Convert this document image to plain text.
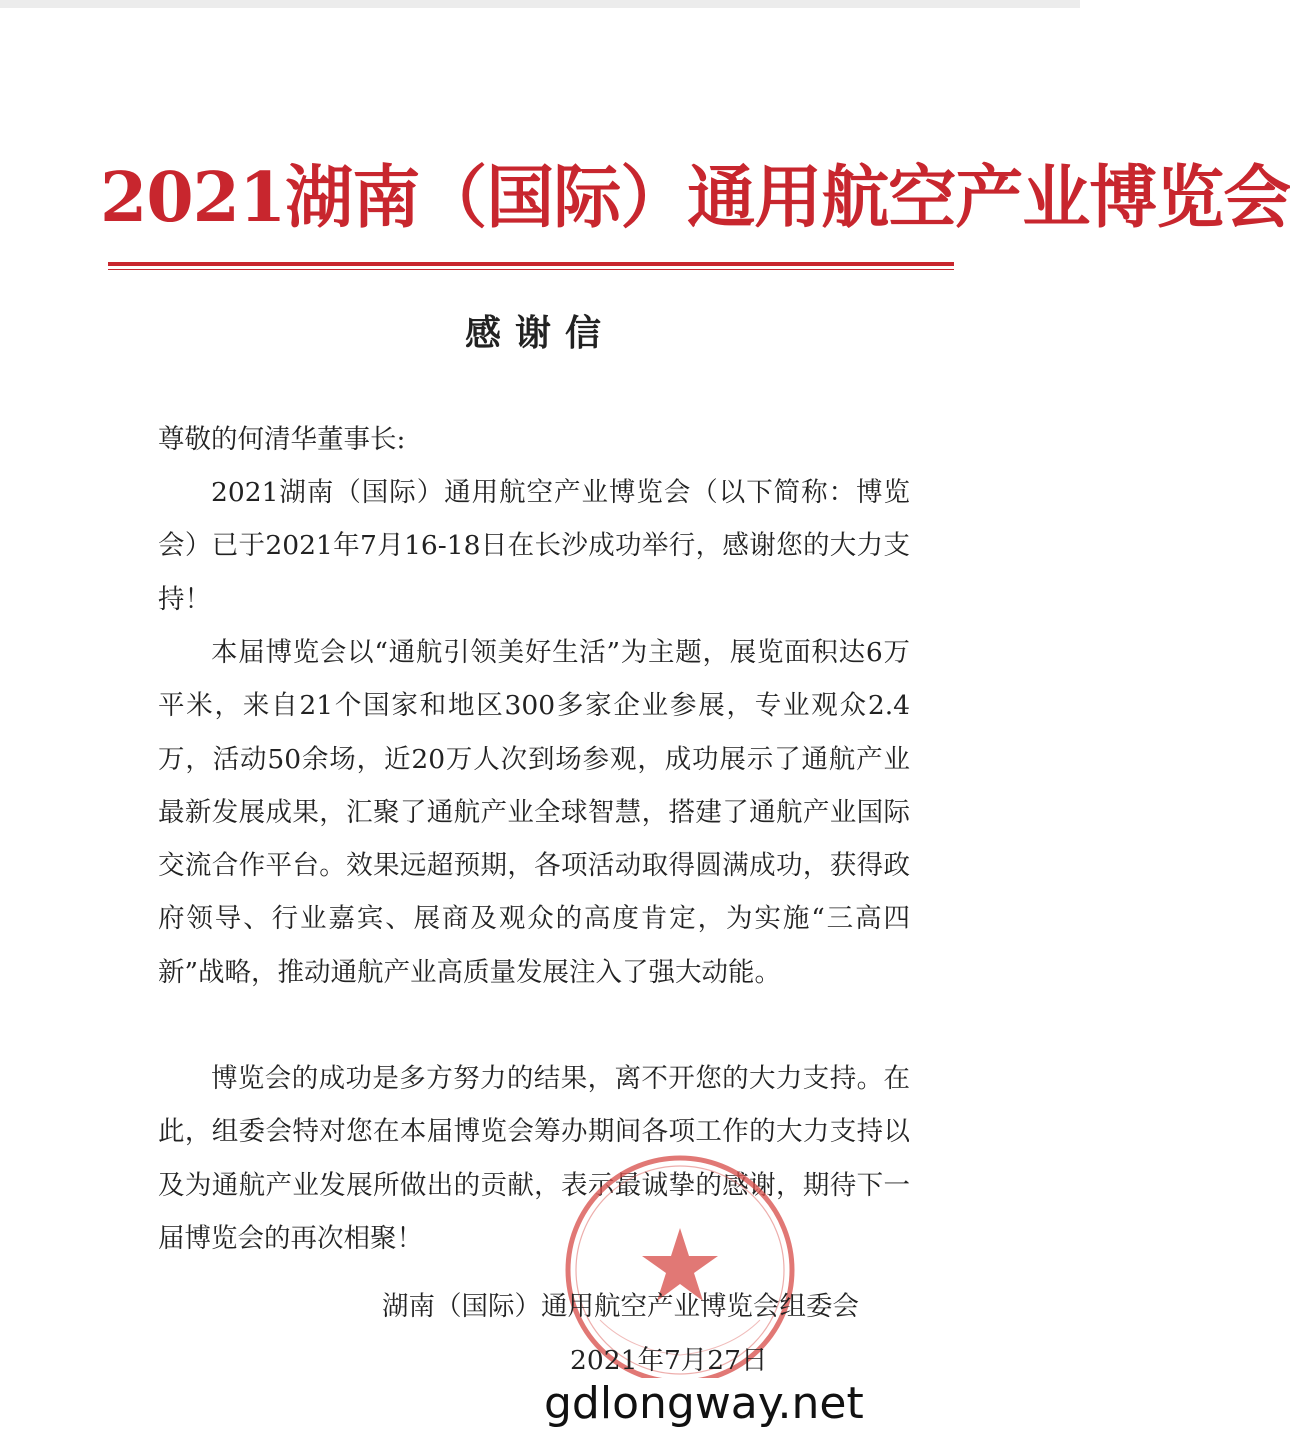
2021湖南（国际）通用航空产业博览会
感谢信
尊敬的何清华董事长:
2021湖南（国际）通用航空产业博览会（以下简称：博览会）已于2021年7月16-18日在长沙成功举行，感谢您的大力支持！
本届博览会以“通航引领美好生活”为主题，展览面积达6万平米，来自21个国家和地区300多家企业参展，专业观众2.4万，活动50余场，近20万人次到场参观，成功展示了通航产业最新发展成果，汇聚了通航产业全球智慧，搭建了通航产业国际交流合作平台。效果远超预期，各项活动取得圆满成功，获得政府领导、行业嘉宾、展商及观众的高度肯定，为实施“三高四新”战略，推动通航产业高质量发展注入了强大动能。
博览会的成功是多方努力的结果，离不开您的大力支持。在此，组委会特对您在本届博览会筹办期间各项工作的大力支持以及为通航产业发展所做出的贡献，表示最诚挚的感谢，期待下一届博览会的再次相聚！
湖南（国际）通用航空产业博览会组委会
2021年7月27日
gdlongway.net
